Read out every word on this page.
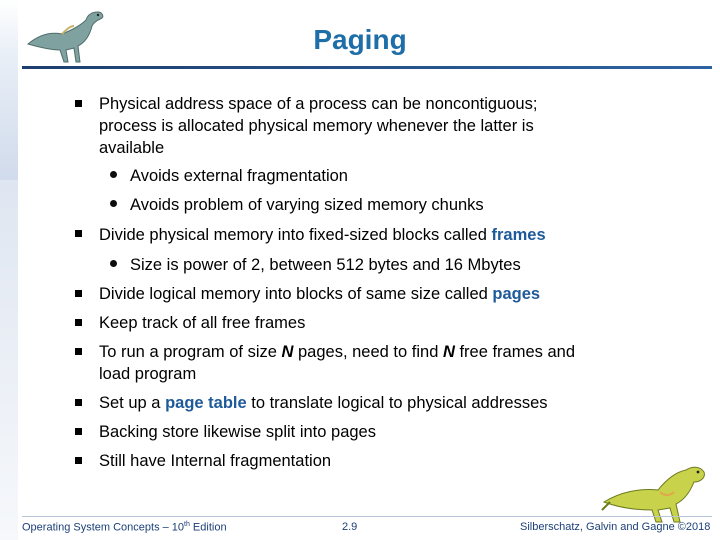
Paging
Physical address space of a process can be noncontiguous;
process is allocated physical memory whenever the latter is
available
Avoids external fragmentation
Avoids problem of varying sized memory chunks
Divide physical memory into fixed-sized blocks called frames
Size is power of 2, between 512 bytes and 16 Mbytes
Divide logical memory into blocks of same size called pages
Keep track of all free frames
To run a program of size N pages, need to find N free frames and
load program
Set up a page table to translate logical to physical addresses
Backing store likewise split into pages
Still have Internal fragmentation
Operating System Concepts – 10th Edition	2.9	Silberschatz, Galvin and Gagne ©2018
